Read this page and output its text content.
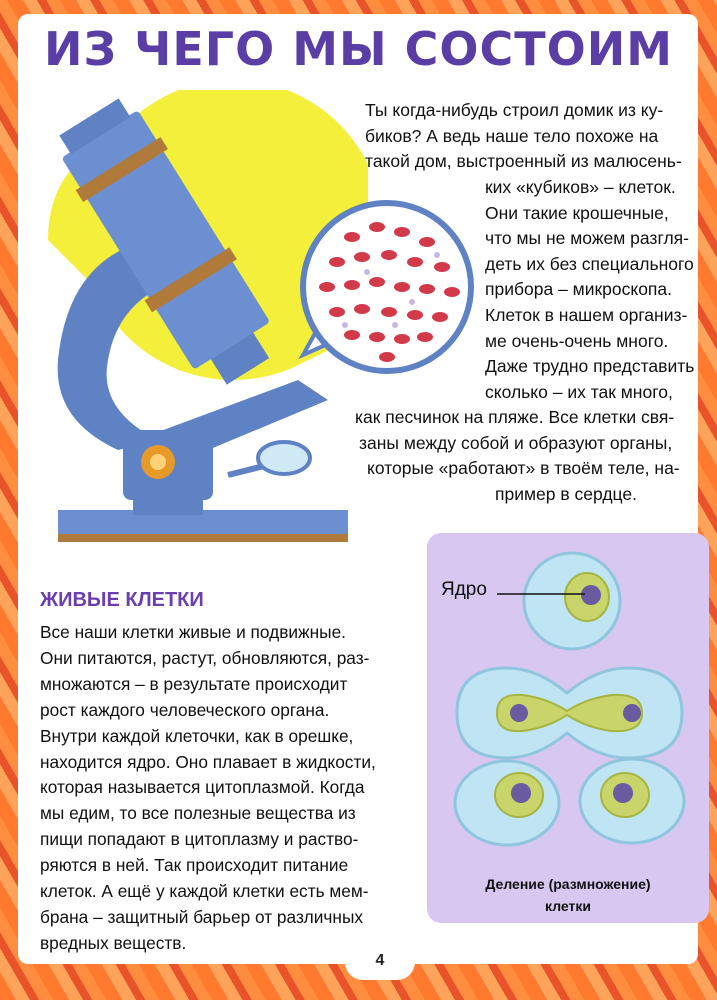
ИЗ ЧЕГО МЫ СОСТОИМ
Ты когда-нибудь строил домик из ку-
биков? А ведь наше тело похоже на
такой дом, выстроенный из малюсень-
ких «кубиков» – клеток.
Они такие крошечные,
что мы не можем разгля-
деть их без специального
прибора – микроскопа.
Клеток в нашем организ-
ме очень-очень много.
Даже трудно представить
сколько – их так много,
как песчинок на пляже. Все клетки свя-
заны между собой и образуют органы,
которые «работают» в твоём теле, на-
пример в сердце.
ЖИВЫЕ КЛЕТКИ
Все наши клетки живые и подвижные.
Они питаются, растут, обновляются, раз-
множаются – в результате происходит
рост каждого человеческого органа.
Внутри каждой клеточки, как в орешке,
находится ядро. Оно плавает в жидкости,
которая называется цитоплазмой. Когда
мы едим, то все полезные вещества из
пищи попадают в цитоплазму и раство-
ряются в ней. Так происходит питание
клеток. А ещё у каждой клетки есть мем-
брана – защитный барьер от различных
вредных веществ.
Ядро
Деление (размножение)
клетки
4
